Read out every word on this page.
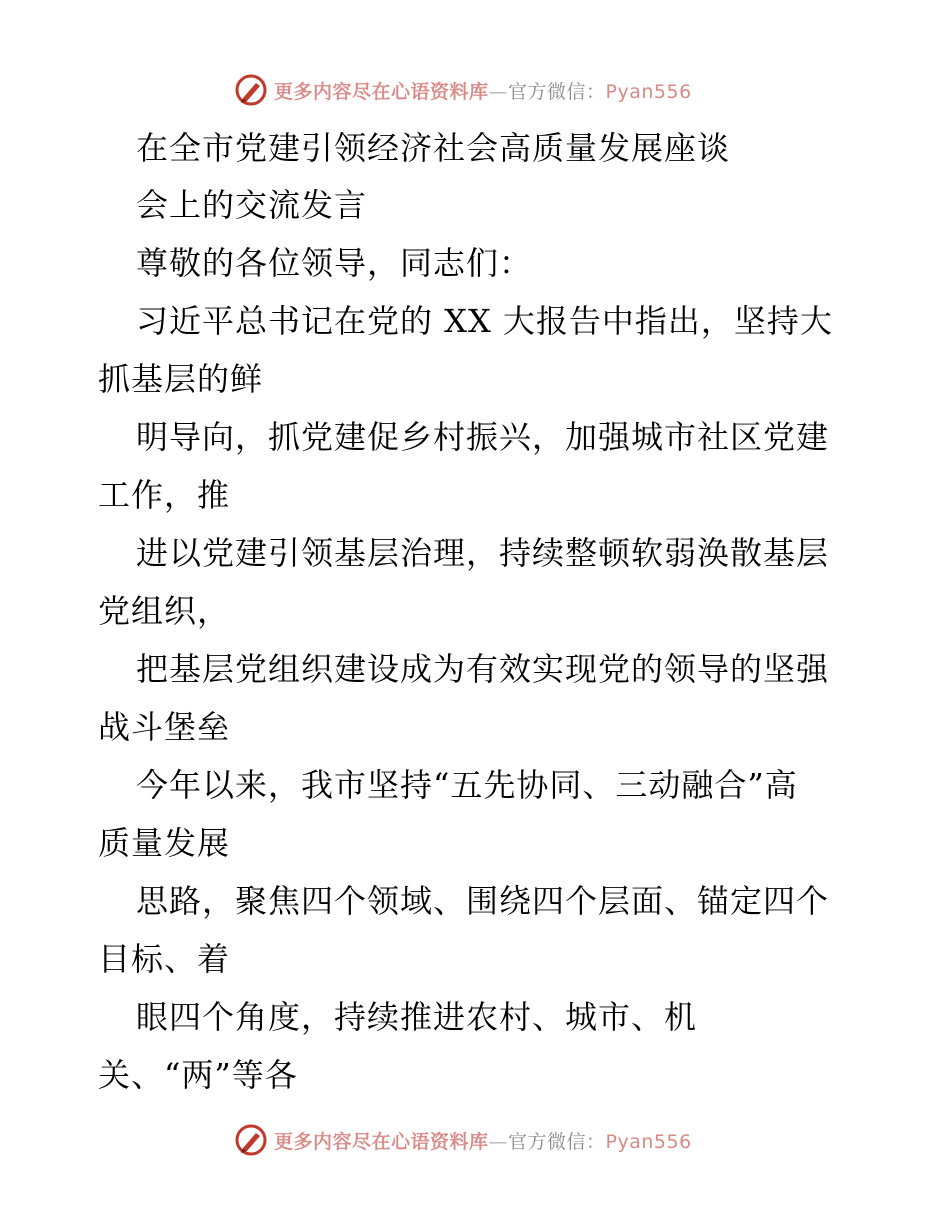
更多内容尽在心语资料库—官方微信：Pyan556
在全市党建引领经济社会高质量发展座谈
会上的交流发言
尊敬的各位领导，同志们：
习近平总书记在党的 XX 大报告中指出，坚持大
抓基层的鲜
明导向，抓党建促乡村振兴，加强城市社区党建
工作，推
进以党建引领基层治理，持续整顿软弱涣散基层
党组织，
把基层党组织建设成为有效实现党的领导的坚强
战斗堡垒
今年以来，我市坚持“五先协同、三动融合”高
质量发展
思路，聚焦四个领域、围绕四个层面、锚定四个
目标、着
眼四个角度，持续推进农村、城市、机
关、“两”等各
更多内容尽在心语资料库—官方微信：Pyan556
